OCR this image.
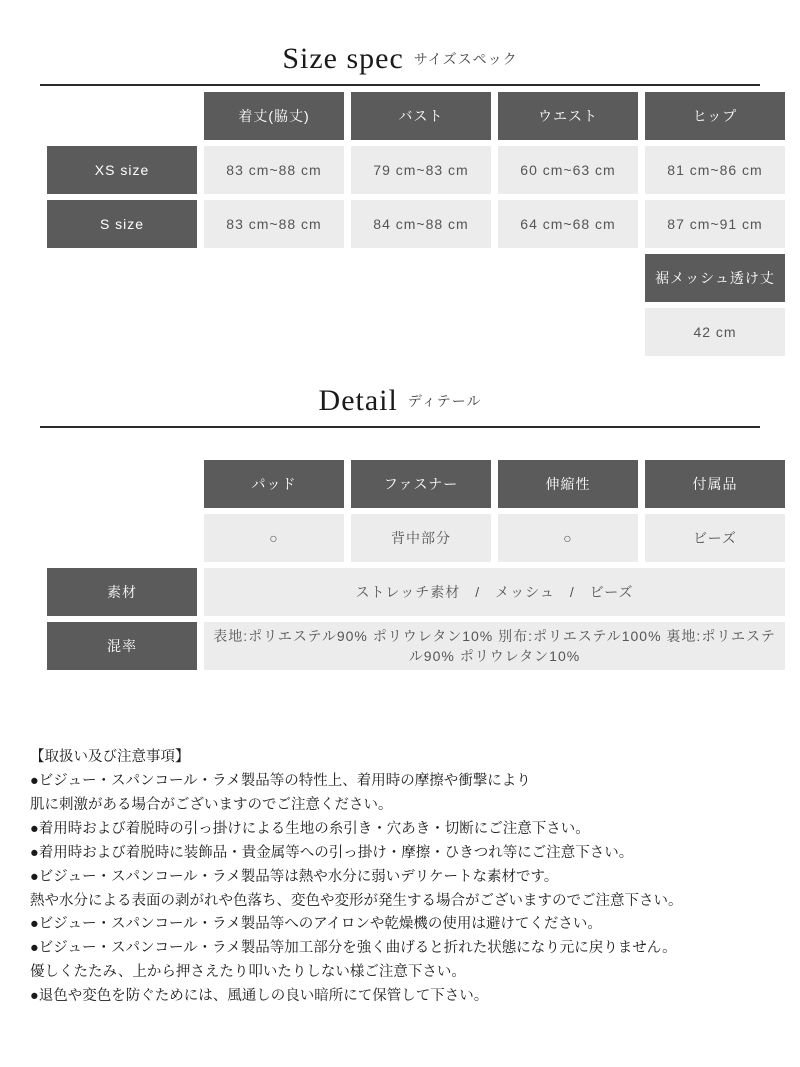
Size spec サイズスペック
	着丈(脇丈)	バスト	ウエスト	ヒップ
XS size	83 cm~88 cm	79 cm~83 cm	60 cm~63 cm	81 cm~86 cm
S size	83 cm~88 cm	84 cm~88 cm	64 cm~68 cm	87 cm~91 cm
				裾メッシュ透け丈
				42 cm
Detail ディテール
	パッド	ファスナー	伸縮性	付属品
	○	背中部分	○	ビーズ
素材	ストレッチ素材　/　メッシュ　/　ビーズ			
混率	表地:ポリエステル90% ポリウレタン10% 別布:ポリエステル100% 裏地:ポリエステル90% ポリウレタン10%			
【取扱い及び注意事項】
●ビジュー・スパンコール・ラメ製品等の特性上、着用時の摩擦や衝撃により
肌に刺激がある場合がございますのでご注意ください。
●着用時および着脱時の引っ掛けによる生地の糸引き・穴あき・切断にご注意下さい。
●着用時および着脱時に装飾品・貴金属等への引っ掛け・摩擦・ひきつれ等にご注意下さい。
●ビジュー・スパンコール・ラメ製品等は熱や水分に弱いデリケートな素材です。
熱や水分による表面の剥がれや色落ち、変色や変形が発生する場合がございますのでご注意下さい。
●ビジュー・スパンコール・ラメ製品等へのアイロンや乾燥機の使用は避けてください。
●ビジュー・スパンコール・ラメ製品等加工部分を強く曲げると折れた状態になり元に戻りません。
優しくたたみ、上から押さえたり叩いたりしない様ご注意下さい。
●退色や変色を防ぐためには、風通しの良い暗所にて保管して下さい。
